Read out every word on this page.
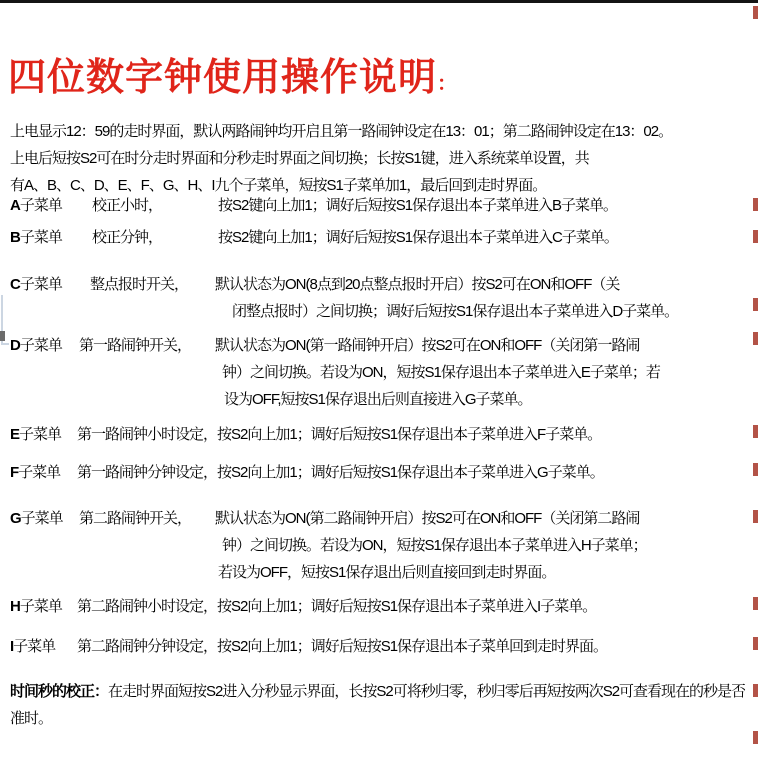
四位数字钟使用操作说明：
上电显示12：59的走时界面，默认两路闹钟均开启且第一路闹钟设定在13：01；第二路闹钟设定在13：02。
上电后短按S2可在时分走时界面和分秒走时界面之间切换；长按S1键，进入系统菜单设置，共
有A、B、C、D、E、F、G、H、I九个子菜单，短按S1子菜单加1，最后回到走时界面。
A子菜单 校正小时，	按S2键向上加1；调好后短按S1保存退出本子菜单进入B子菜单。
B子菜单 校正分钟，	按S2键向上加1；调好后短按S1保存退出本子菜单进入C子菜单。
C子菜单 整点报时开关， 默认状态为ON(8点到20点整点报时开启）按S2可在ON和OFF（关
闭整点报时）之间切换；调好后短按S1保存退出本子菜单进入D子菜单。
D子菜单 第一路闹钟开关， 默认状态为ON(第一路闹钟开启）按S2可在ON和OFF（关闭第一路闹
钟）之间切换。若设为ON，短按S1保存退出本子菜单进入E子菜单；若
设为OFF,短按S1保存退出后则直接进入G子菜单。
E子菜单 第一路闹钟小时设定，按S2向上加1；调好后短按S1保存退出本子菜单进入F子菜单。
F子菜单 第一路闹钟分钟设定，按S2向上加1；调好后短按S1保存退出本子菜单进入G子菜单。
G子菜单 第二路闹钟开关， 默认状态为ON(第二路闹钟开启）按S2可在ON和OFF（关闭第二路闹
钟）之间切换。若设为ON，短按S1保存退出本子菜单进入H子菜单；
若设为OFF，短按S1保存退出后则直接回到走时界面。
H子菜单 第二路闹钟小时设定，按S2向上加1；调好后短按S1保存退出本子菜单进入I子菜单。
I子菜单 第二路闹钟分钟设定，按S2向上加1；调好后短按S1保存退出本子菜单回到走时界面。
时间秒的校正：在走时界面短按S2进入分秒显示界面，长按S2可将秒归零，秒归零后再短按两次S2可查看现在的秒是否
准时。
